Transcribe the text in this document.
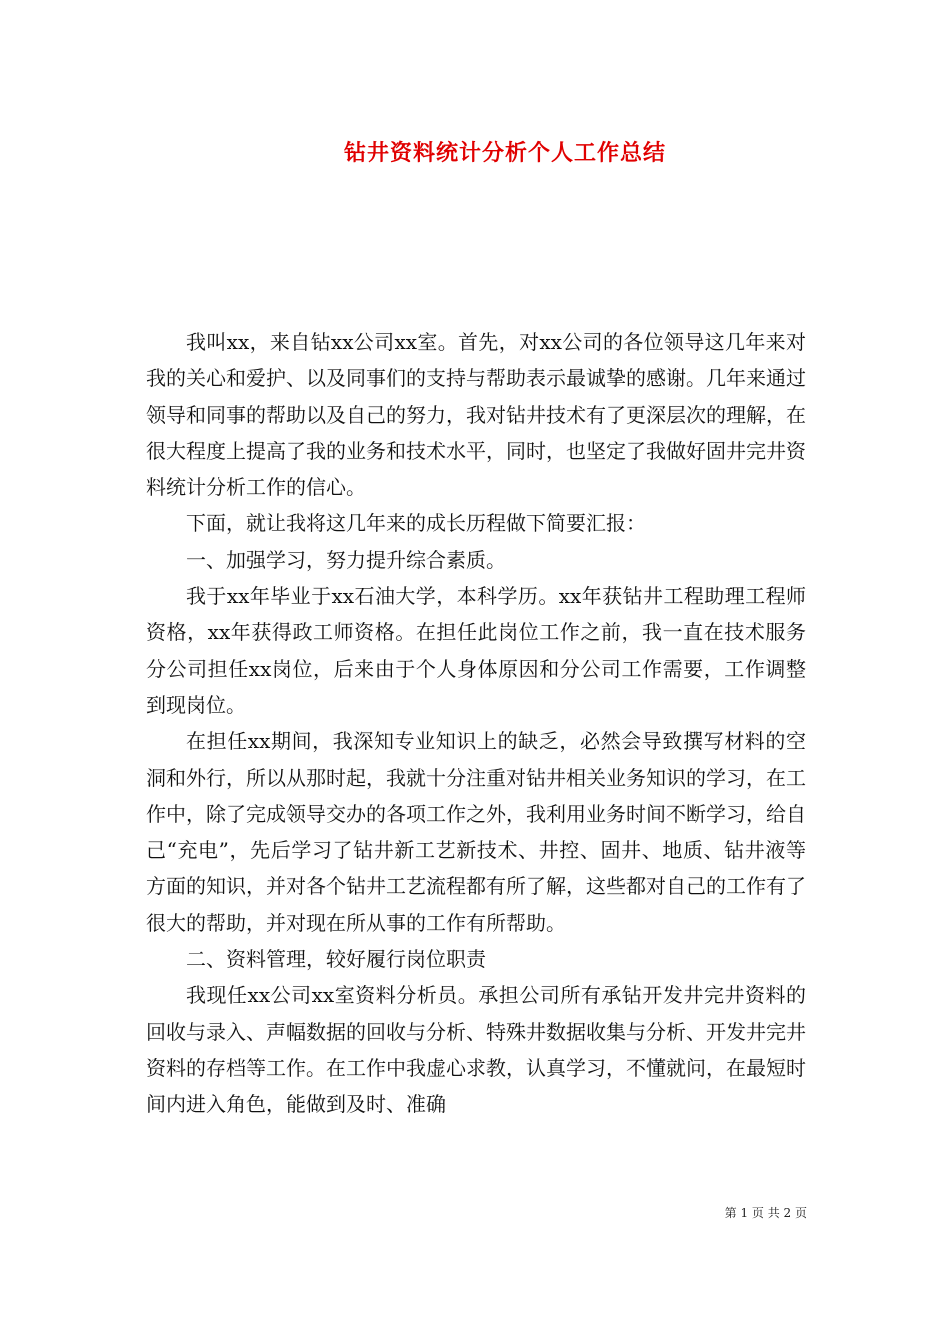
钻井资料统计分析个人工作总结

我叫xx，来自钻xx公司xx室。首先，对xx公司的各位领导这几年来对我的关心和爱护、以及同事们的支持与帮助表示最诚挚的感谢。几年来通过领导和同事的帮助以及自己的努力，我对钻井技术有了更深层次的理解，在很大程度上提高了我的业务和技术水平，同时，也坚定了我做好固井完井资料统计分析工作的信心。

下面，就让我将这几年来的成长历程做下简要汇报：

一、加强学习，努力提升综合素质。

我于xx年毕业于xx石油大学，本科学历。xx年获钻井工程助理工程师资格，xx年获得政工师资格。在担任此岗位工作之前，我一直在技术服务分公司担任xx岗位，后来由于个人身体原因和分公司工作需要，工作调整到现岗位。

在担任xx期间，我深知专业知识上的缺乏，必然会导致撰写材料的空洞和外行，所以从那时起，我就十分注重对钻井相关业务知识的学习，在工作中，除了完成领导交办的各项工作之外，我利用业务时间不断学习，给自己“充电”，先后学习了钻井新工艺新技术、井控、固井、地质、钻井液等方面的知识，并对各个钻井工艺流程都有所了解，这些都对自己的工作有了很大的帮助，并对现在所从事的工作有所帮助。

二、资料管理，较好履行岗位职责

我现任xx公司xx室资料分析员。承担公司所有承钻开发井完井资料的回收与录入、声幅数据的回收与分析、特殊井数据收集与分析、开发井完井资料的存档等工作。在工作中我虚心求教，认真学习，不懂就问，在最短时间内进入角色，能做到及时、准确

第 1 页 共 2 页
